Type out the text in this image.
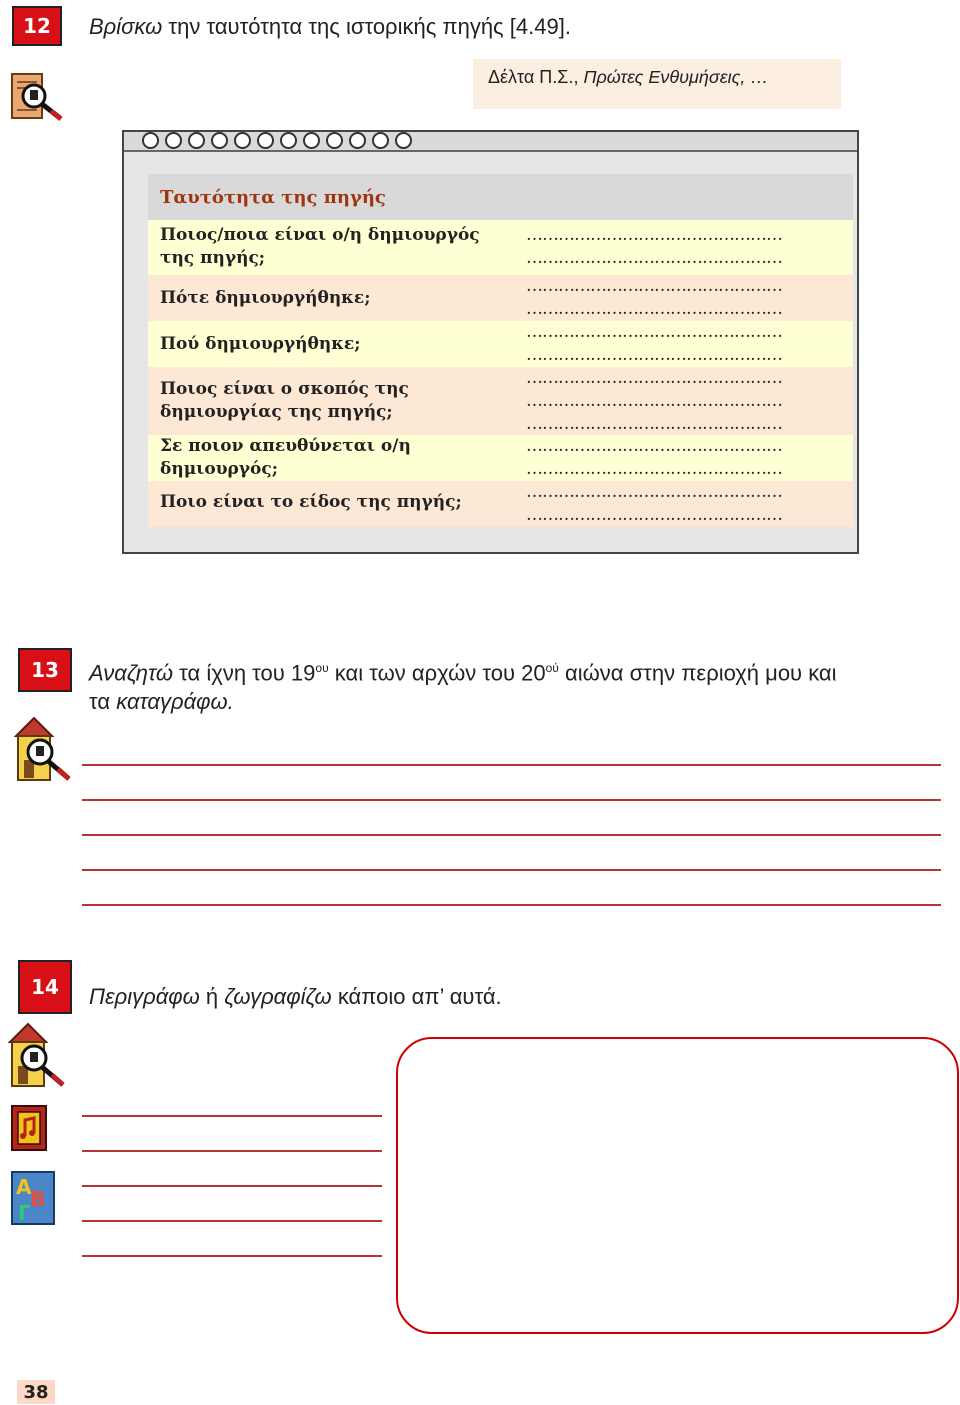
12	Βρίσκω την ταυτότητα της ιστορικής πηγής [4.49].
Δέλτα Π.Σ., Πρώτες Ενθυμήσεις, …
Ταυτότητα της πηγής
Ποιος/ποια είναι ο/η δημιουργός της πηγής;
…………………………………………
…………………………………………
Πότε δημιουργήθηκε;
…………………………………………
…………………………………………
Πού δημιουργήθηκε;
…………………………………………
…………………………………………
Ποιος είναι ο σκοπός της δημιουργίας της πηγής;
…………………………………………
…………………………………………
…………………………………………
Σε ποιον απευθύνεται ο/η δημιουργός;
…………………………………………
…………………………………………
Ποιο είναι το είδος της πηγής;	…………………………………………
…………………………………………
13	Αναζητώ τα ίχνη του $19^{o\upsilon}$ και των αρχών του $20^{oύ}$ αιώνα στην περιοχή μου και
τα καταγράφω.
14	Περιγράφω ή ζωγραφίζω κάποιο απ’ αυτά.
A
B
Γ
38
